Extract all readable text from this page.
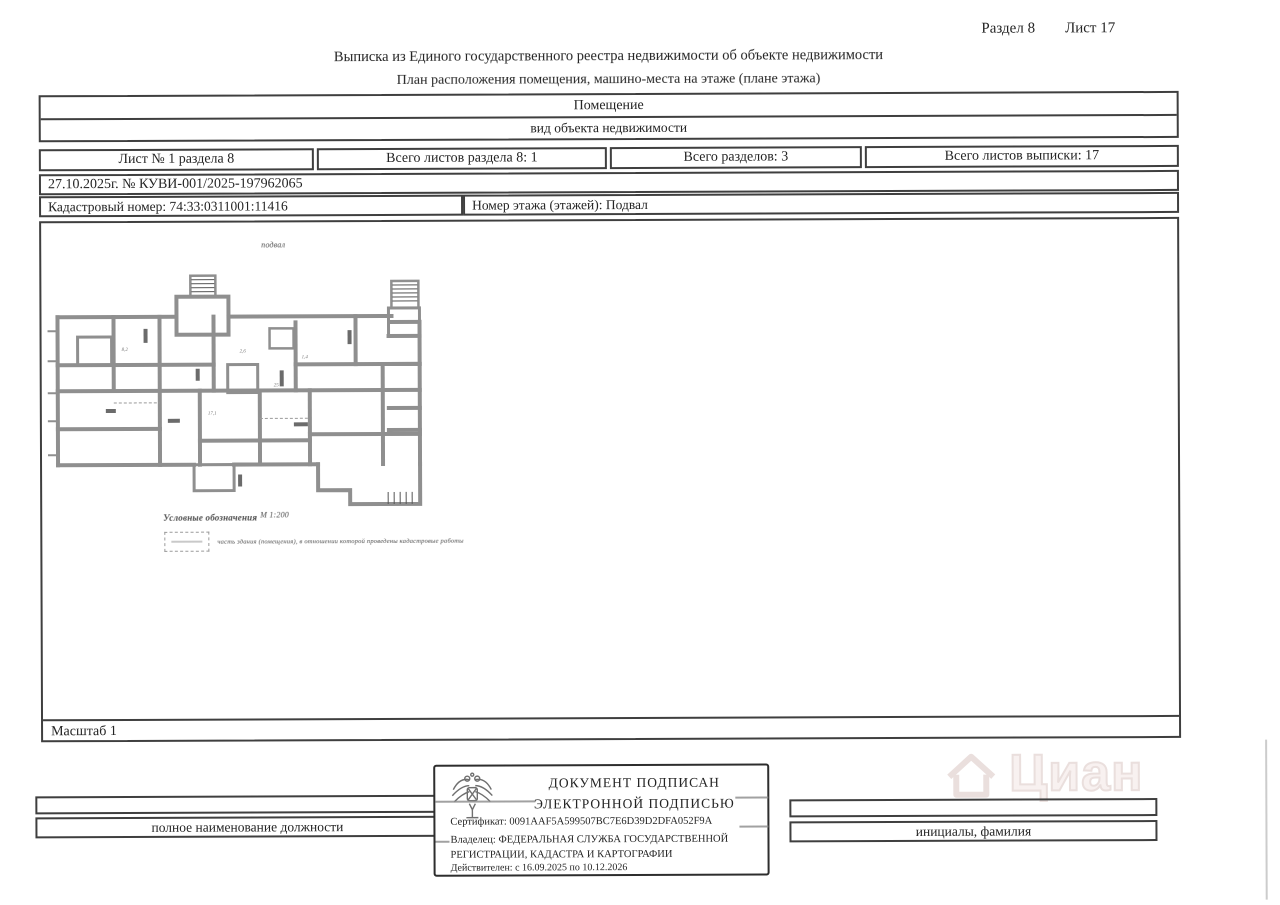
Раздел 8 Лист 17
Выписка из Единого государственного реестра недвижимости об объекте недвижимости
План расположения помещения, машино-места на этаже (плане этажа)
Помещение
вид объекта недвижимости
Лист № 1 раздела 8	Всего листов раздела 8: 1	Всего разделов: 3	Всего листов выписки: 17
27.10.2025г. № КУВИ-001/2025-197962065
Кадастровый номер: 74:33:0311001:11416	Номер этажа (этажей): Подвал
подвал
2,6
25
1,4
8,2
17,1
Условные обозначения М 1:200
часть здания (помещения), в отношении которой проведены кадастровые работы
Масштаб 1
Циан
полное наименование должности	инициалы, фамилия
ДОКУМЕНТ ПОДПИСАН
ЭЛЕКТРОННОЙ ПОДПИСЬЮ
Сертификат: 0091AAF5A599507BC7E6D39D2DFA052F9A
Владелец: ФЕДЕРАЛЬНАЯ СЛУЖБА ГОСУДАРСТВЕННОЙ РЕГИСТРАЦИИ, КАДАСТРА И КАРТОГРАФИИ
Действителен: с 16.09.2025 по 10.12.2026
